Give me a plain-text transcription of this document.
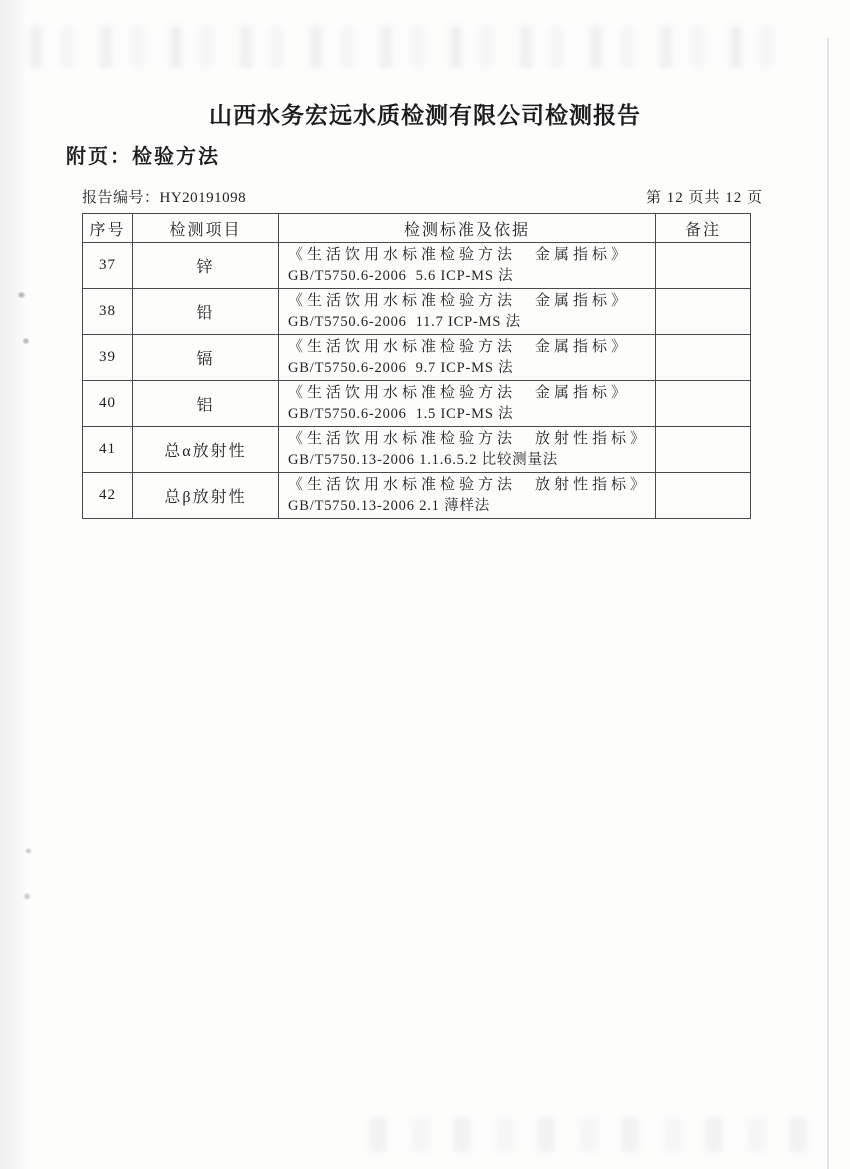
山西水务宏远水质检测有限公司检测报告
附页：检验方法
报告编号：HY20191098	第 12 页共 12 页
序号	检测项目	检测标准及依据	备注
37	锌	《生活饮用水标准检验方法　金属指标》
GB/T5750.6-2006  5.6 ICP-MS 法	

38	铅	《生活饮用水标准检验方法　金属指标》
GB/T5750.6-2006  11.7 ICP-MS 法	

39	镉	《生活饮用水标准检验方法　金属指标》
GB/T5750.6-2006  9.7 ICP-MS 法	

40	铝	《生活饮用水标准检验方法　金属指标》
GB/T5750.6-2006  1.5 ICP-MS 法	

41	总α放射性	《生活饮用水标准检验方法　放射性指标》
GB/T5750.13-2006 1.1.6.5.2 比较测量法	

42	总β放射性	《生活饮用水标准检验方法　放射性指标》
GB/T5750.13-2006 2.1 薄样法	
